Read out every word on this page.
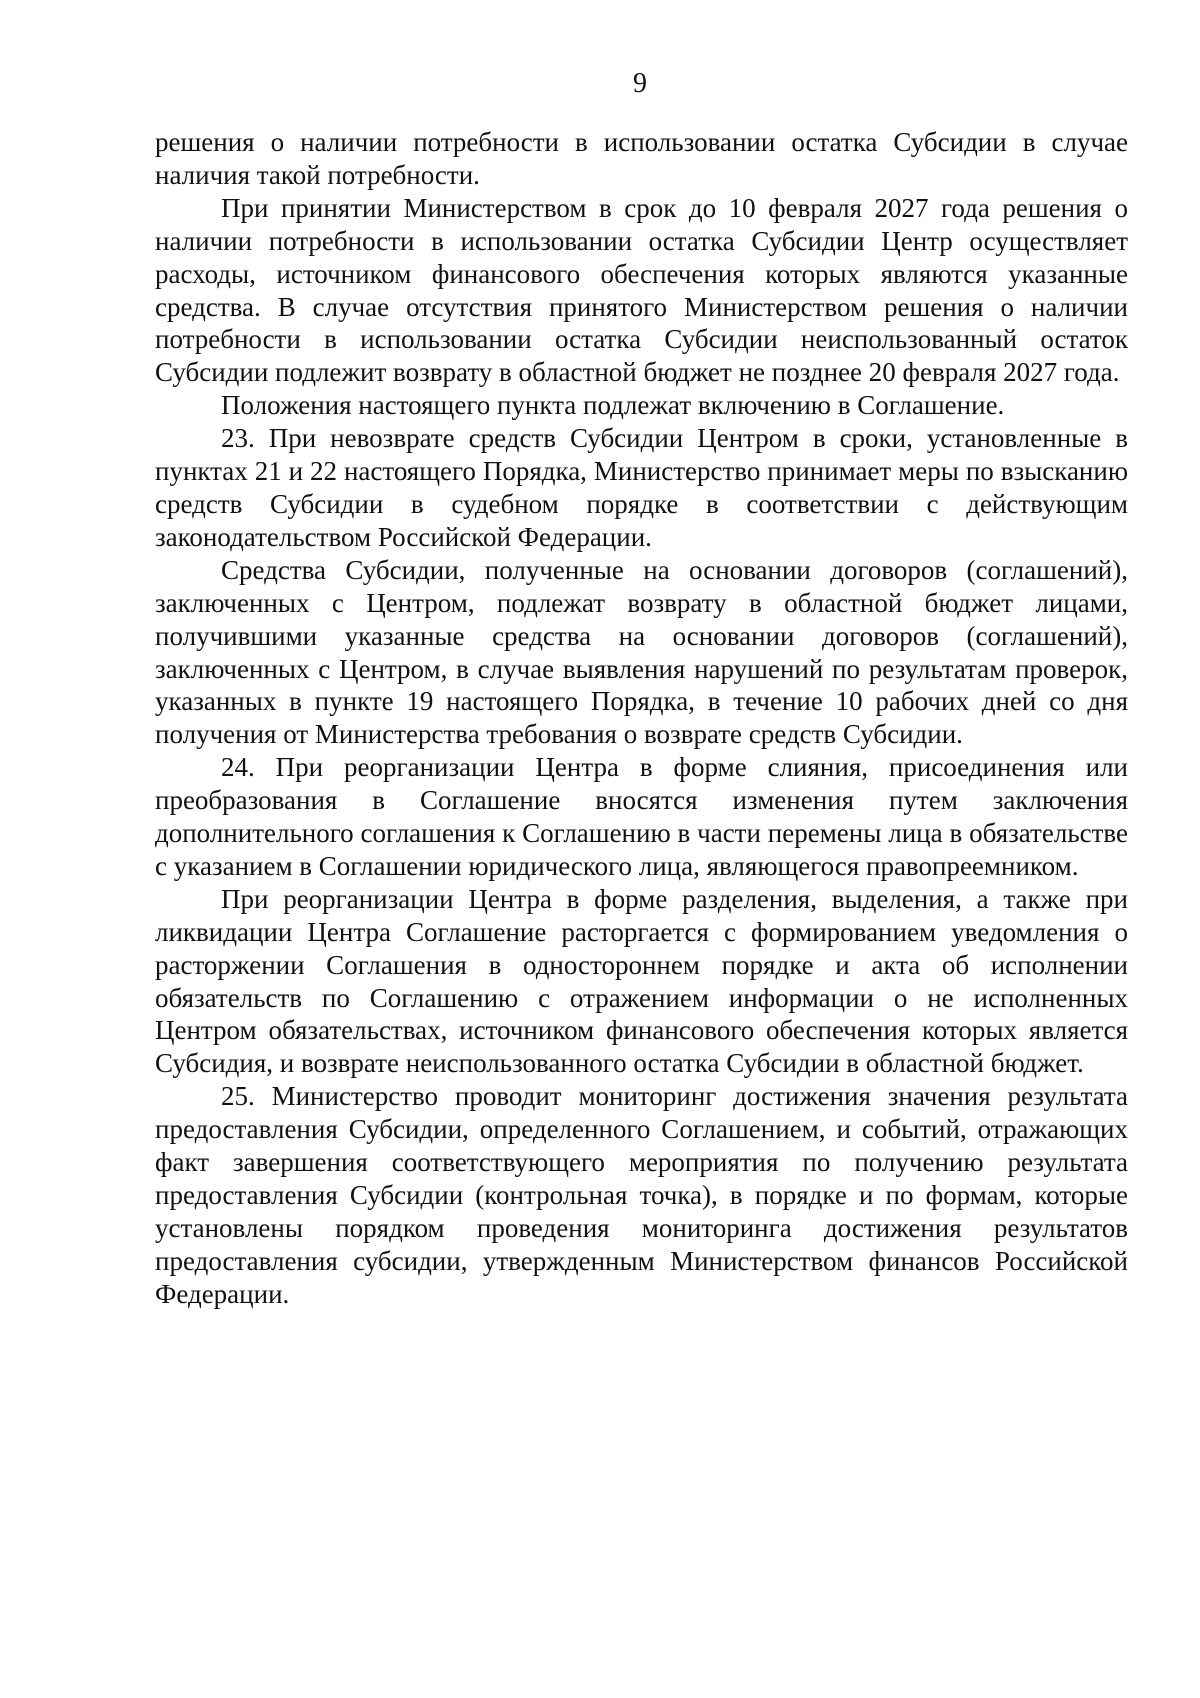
9

решения о наличии потребности в использовании остатка Субсидии в случае наличия такой потребности.

При принятии Министерством в срок до 10 февраля 2027 года решения о наличии потребности в использовании остатка Субсидии Центр осуществляет расходы, источником финансового обеспечения которых являются указанные средства. В случае отсутствия принятого Министерством решения о наличии потребности в использовании остатка Субсидии неиспользованный остаток Субсидии подлежит возврату в областной бюджет не позднее 20 февраля 2027 года.

Положения настоящего пункта подлежат включению в Соглашение.

23. При невозврате средств Субсидии Центром в сроки, установленные в пунктах 21 и 22 настоящего Порядка, Министерство принимает меры по взысканию средств Субсидии в судебном порядке в соответствии с действующим законодательством Российской Федерации.

Средства Субсидии, полученные на основании договоров (соглашений), заключенных с Центром, подлежат возврату в областной бюджет лицами, получившими указанные средства на основании договоров (соглашений), заключенных с Центром, в случае выявления нарушений по результатам проверок, указанных в пункте 19 настоящего Порядка, в течение 10 рабочих дней со дня получения от Министерства требования о возврате средств Субсидии.

24. При реорганизации Центра в форме слияния, присоединения или преобразования в Соглашение вносятся изменения путем заключения дополнительного соглашения к Соглашению в части перемены лица в обязательстве с указанием в Соглашении юридического лица, являющегося правопреемником.

При реорганизации Центра в форме разделения, выделения, а также при ликвидации Центра Соглашение расторгается с формированием уведомления о расторжении Соглашения в одностороннем порядке и акта об исполнении обязательств по Соглашению с отражением информации о не исполненных Центром обязательствах, источником финансового обеспечения которых является Субсидия, и возврате неиспользованного остатка Субсидии в областной бюджет.

25. Министерство проводит мониторинг достижения значения результата предоставления Субсидии, определенного Соглашением, и событий, отражающих факт завершения соответствующего мероприятия по получению результата предоставления Субсидии (контрольная точка), в порядке и по формам, которые установлены порядком проведения мониторинга достижения результатов предоставления субсидии, утвержденным Министерством финансов Российской Федерации.
